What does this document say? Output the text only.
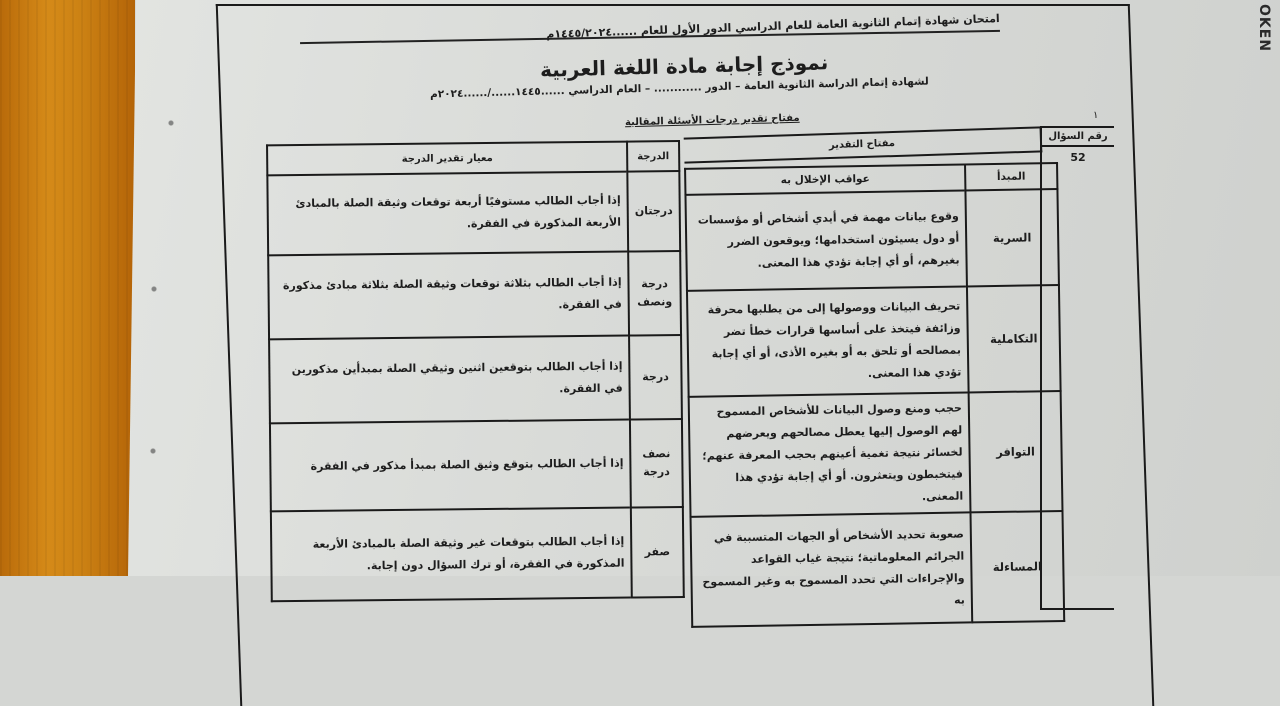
امتحان شهادة إتمام الثانوية العامة للعام الدراسي الدور الأول للعام ......١٤٤٥/٢٠٢٤م
نموذج إجابة مادة اللغة العربية
لشهادة إتمام الدراسة الثانوية العامة – الدور ............ – العام الدراسي ......١٤٤٥....../......٢٠٢٤م
مفتاح تقدير درجات الأسئلة المقالية	١
OKEN
رقم السؤال
52
مفتاح التقدير
المبدأ	عواقب الإخلال به
السرية	وقوع بيانات مهمة في أيدي أشخاص أو مؤسسات أو دول يسيئون استخدامها؛ ويوقعون الضرر بغيرهم، أو أي إجابة تؤدي هذا المعنى.
التكاملية	تحريف البيانات ووصولها إلى من يطلبها محرفة وزائفة فيتخذ على أساسها قرارات خطأ تضر بمصالحه أو تلحق به أو بغيره الأذى، أو أي إجابة تؤدي هذا المعنى.
التوافر	حجب ومنع وصول البيانات للأشخاص المسموح لهم الوصول إليها يعطل مصالحهم ويعرضهم لخسائر نتيجة تغمية أعينهم بحجب المعرفة عنهم؛ فيتخبطون ويتعثرون. أو أي إجابة تؤدي هذا المعنى.
المساءلة	صعوبة تحديد الأشخاص أو الجهات المتسببة في الجرائم المعلوماتية؛ نتيجة غياب القواعد والإجراءات التي تحدد المسموح به وغير المسموح به
الدرجة	معيار تقدير الدرجة
درجتان	إذا أجاب الطالب مستوفيًا أربعة توقعات وثيقة الصلة بالمبادئ الأربعة المذكورة في الفقرة.
درجة ونصف	إذا أجاب الطالب بثلاثة توقعات وثيقة الصلة بثلاثة مبادئ مذكورة في الفقرة.
درجة	إذا أجاب الطالب بتوقعين اثنين وثيقي الصلة بمبدأين مذكورين في الفقرة.
نصف درجة	إذا أجاب الطالب بتوقع وثيق الصلة بمبدأ مذكور في الفقرة
صفر	إذا أجاب الطالب بتوقعات غير وثيقة الصلة بالمبادئ الأربعة المذكورة في الفقرة، أو ترك السؤال دون إجابة.
